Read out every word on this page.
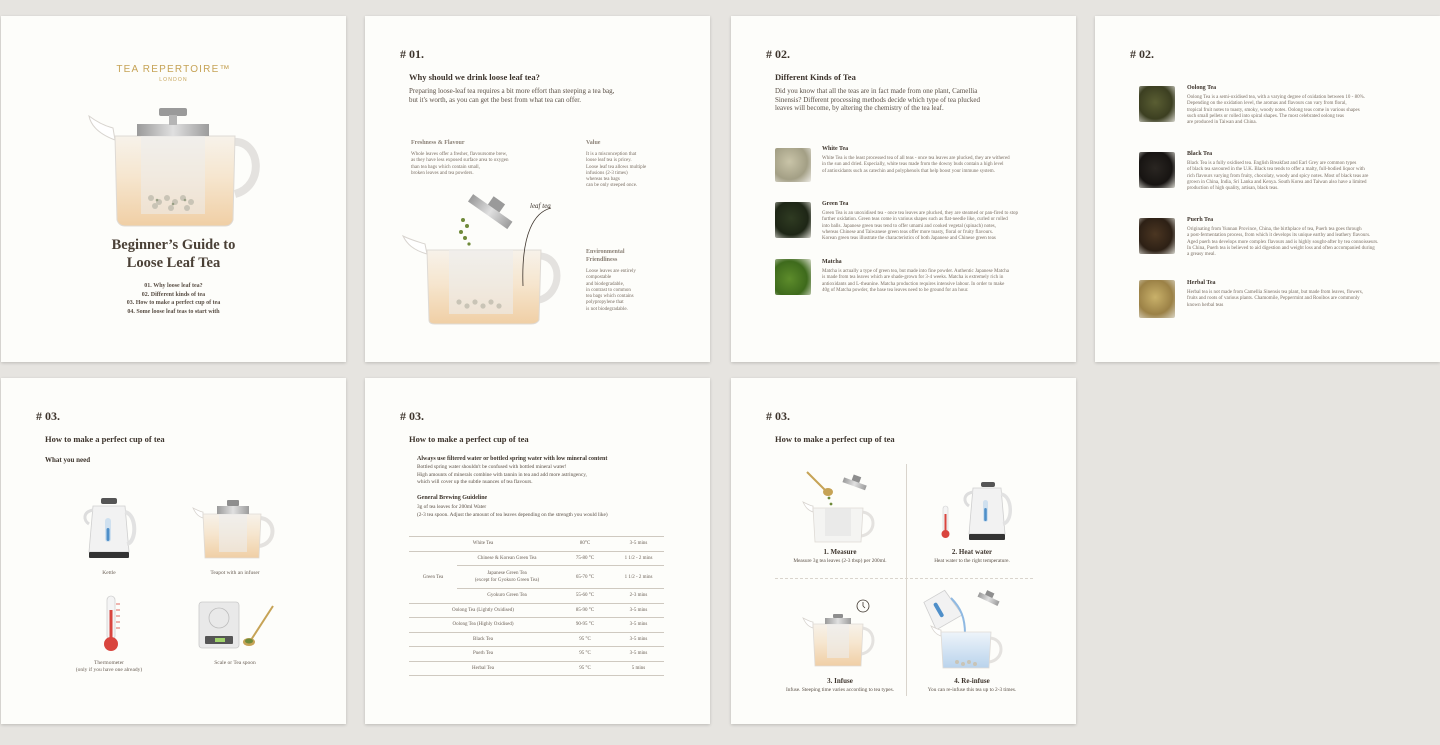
TEA REPERTOIRE™
LONDON
Beginner’s Guide to
Loose Leaf Tea
01. Why loose leaf tea?
02. Different kinds of tea
03. How to make a perfect cup of tea
04. Some loose leaf teas to start with
# 01.
Why should we drink loose leaf tea?
Preparing loose-leaf tea requires a bit more effort than steeping a tea bag,
but it's worth, as you can get the best from what tea can offer.
Freshness & Flavour
Whole leaves offer a fresher, flavoursome brew,
as they have less exposed surface area to oxygen
than tea bags which contain small,
broken leaves and tea powders.
Value
It is a misconception that
loose leaf tea is pricey.
Loose leaf tea allows multiple
infusions (2-3 times)
whereas tea bags
can be only steeped once.
Environmental
Friendliness
Loose leaves are entirely
compostable
and biodegradable,
in contrast to common
tea bags which contains
polypropylene that
is not biodegradable.
leaf tea
# 02.
Different Kinds of Tea
Did you know that all the teas are in fact made from one plant, Camellia
Sinensis? Different processing methods decide which type of tea plucked
leaves will become, by altering the chemistry of the tea leaf.
White Tea
White Tea is the least processed tea of all teas - once tea leaves are plucked, they are withered
in the sun and dried. Especially, white teas made from the downy buds contain a high level
of antioxidants such as catechin and polyphenols that help boost your immune system.
Green Tea
Green Tea is an unoxidised tea - once tea leaves are plucked, they are steamed or pan-fired to stop
further oxidation. Green teas come in various shapes such as flat-needle like, curled or rolled
into balls. Japanese green teas tend to offer umami and cooked vegetal (spinach) notes,
whereas Chinese and Taiwanese green teas offer more toasty, floral or fruity flavours.
Korean green teas illustrate the characteristics of both Japanese and Chinese green teas
Matcha
Matcha is actually a type of green tea, but made into fine powder. Authentic Japanese Matcha
is made from tea leaves which are shade-grown for 3-4 weeks. Matcha is extremely rich in
antioxidants and L-theanine. Matcha production requires intensive labour. In order to make
40g of Matcha powder, the base tea leaves need to be ground for an hour.
# 02.
Oolong Tea
Oolong Tea is a semi-oxidised tea, with a varying degree of oxidation between 10 - 80%.
Depending on the oxidation level, the aromas and flavours can vary from floral,
tropical fruit notes to toasty, smoky, woody notes. Oolong teas come in various shapes
such small pellets or rolled into spiral shapes. The most celebrated oolong teas
are produced in Taiwan and China.
Black Tea
Black Tea is a fully oxidised tea. English Breakfast and Earl Grey are common types
of black tea savoured in the U.K. Black tea tends to offer a malty, full-bodied liquor with
rich flavours varying from fruity, chocolaty, woody and spicy notes. Most of black teas are
grown in China, India, Sri Lanka and Kenya. South Korea and Taiwan also have a limited
production of high quality, artisan, black teas.
Puerh Tea
Originating from Yunnan Province, China, the birthplace of tea, Puerh tea goes through
a post-fermentation process, from which it develops its unique earthy and leathery flavours.
Aged puerh tea develops more complex flavours and is highly sought-after by tea connoisseurs.
In China, Puerh tea is believed to aid digestion and weight loss and often accompanied during
a greasy meal.
Herbal Tea
Herbal tea is not made from Camellia Sinensis tea plant, but made from leaves, flowers,
fruits and roots of various plants. Chamomile, Peppermint and Rooibos are commonly
known herbal teas
# 03.
How to make a perfect cup of tea
What you need
Kettle	Teapot with an infuser
Thermometer
(only if you have one already)
Scale or Tea spoon
# 03.
How to make a perfect cup of tea
Always use filtered water or bottled spring water with low mineral content
Bottled spring water shouldn't be confused with bottled mineral water!
High amounts of minerals combine with tannin in tea and add more astringency,
which will cover up the subtle nuances of tea flavours.
General Brewing Guideline
3g of tea leaves for 200ml Water
(2-3 tea spoon. Adjust the amount of tea leaves depending on the strength you would like)
White Tea		80°C	3-5 mins
Green Tea	Chinese & Korean Green Tea	75-80 °C	1 1/2 - 2 mins
	Japanese Green Tea
(except for Gyokuro Green Tea)	65-70 °C	1 1/2 - 2 mins
	Gyokuro Green Tea	55-60 °C	2-3 mins
Oolong Tea (Lightly Oxidised)		85-90 °C	3-5 mins
Oolong Tea (Highly Oxidised)		90-95 °C	3-5 mins
Black Tea		95 °C	3-5 mins
Puerh Tea		95 °C	3-5 mins
Herbal Tea		95 °C	5 mins
# 03.
How to make a perfect cup of tea
1. Measure
Measure 3g tea leaves (2-3 tbsp) per 200ml.
2. Heat water
Heat water to the right temperature.
3. Infuse
Infuse. Steeping time varies according to tea types.
4. Re-infuse
You can re-infuse this tea up to 2-3 times.
